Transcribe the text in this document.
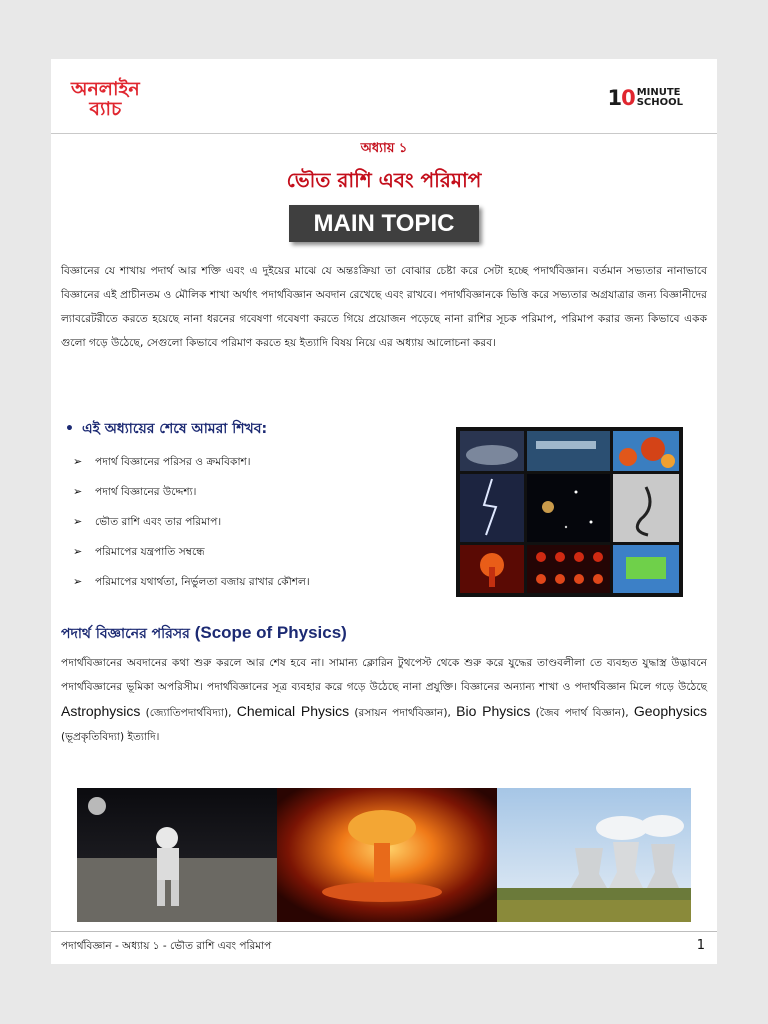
অনলাইন
ব্যাচ	10 MINUTE
SCHOOL
অধ্যায় ১
ভৌত রাশি এবং পরিমাপ
MAIN TOPIC
বিজ্ঞানের যে শাখায় পদার্থ আর শক্তি এবং এ দুইয়ের মাঝে যে অন্তঃক্রিয়া তা বোঝার চেষ্টা করে সেটা হচ্ছে পদার্থবিজ্ঞান। বর্তমান সভ্যতার নানাভাবে বিজ্ঞানের এই প্রাচীনতম ও মৌলিক শাখা অর্থাৎ পদার্থবিজ্ঞান অবদান রেখেছে এবং রাখবে। পদার্থবিজ্ঞানকে ভিত্তি করে সভ্যতার অগ্রযাত্রার জন্য বিজ্ঞানীদের ল্যাবরেটরীতে করতে হয়েছে নানা ধরনের গবেষণা গবেষণা করতে গিয়ে প্রয়োজন পড়েছে নানা রাশির সূচক পরিমাপ, পরিমাপ করার জন্য কিভাবে একক গুলো গড়ে উঠেছে, সেগুলো কিভাবে পরিমাণ করতে হয় ইত্যাদি বিষয় নিয়ে এর অধ্যায় আলোচনা করব।
• এই অধ্যায়ের শেষে আমরা শিখব:
➢	পদার্থ বিজ্ঞানের পরিসর ও ক্রমবিকাশ।
➢	পদার্থ বিজ্ঞানের উদ্দেশ্য।
➢	ভৌত রাশি এবং তার পরিমাপ।
➢	পরিমাপের যন্ত্রপাতি সম্বন্ধে
➢	পরিমাপের যথার্থতা, নির্ভুলতা বজায় রাখার কৌশল।
পদার্থ বিজ্ঞানের পরিসর (Scope of Physics)
পদার্থবিজ্ঞানের অবদানের কথা শুরু করলে আর শেষ হবে না। সামান্য ক্লোরিন টুথপেস্ট থেকে শুরু করে যুদ্ধের তাণ্ডবলীলা তে ব্যবহৃত যুদ্ধাস্ত্র উদ্ভাবনে পদার্থবিজ্ঞানের ভূমিকা অপরিসীম। পদার্থবিজ্ঞানের সূত্র ব্যবহার করে গড়ে উঠেছে নানা প্রযুক্তি। বিজ্ঞানের অন্যান্য শাখা ও পদার্থবিজ্ঞান মিলে গড়ে উঠেছে Astrophysics (জ্যোতিপদার্থবিদ্যা), Chemical Physics (রসায়ন পদার্থবিজ্ঞান), Bio Physics (জৈব পদার্থ বিজ্ঞান), Geophysics (ভূপ্রকৃতিবিদ্যা) ইত্যাদি।
পদার্থবিজ্ঞান - অধ্যায় ১ - ভৌত রাশি এবং পরিমাপ	1
